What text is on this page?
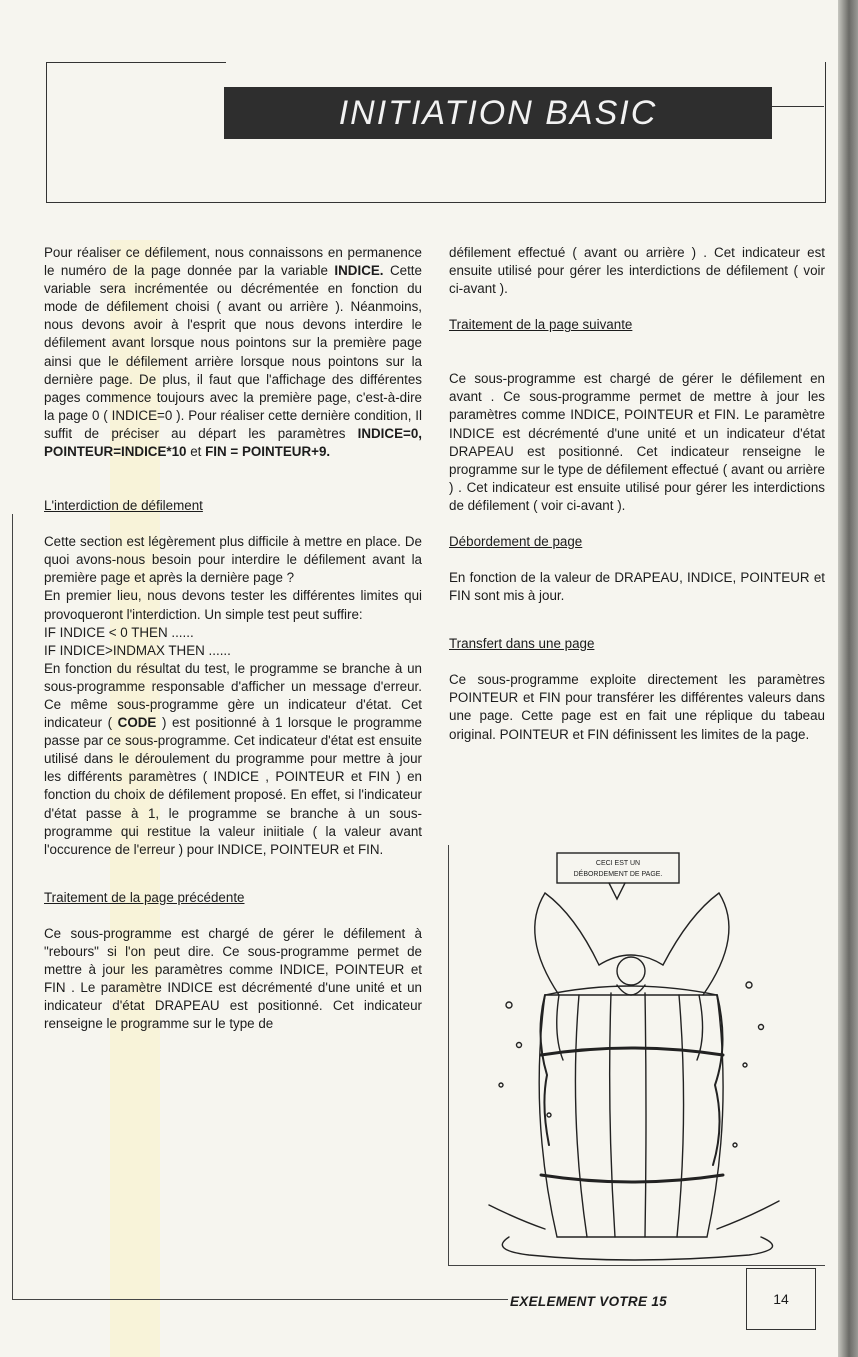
INITIATION BASIC

Pour réaliser ce défilement, nous connaissons en permanence le numéro de la page donnée par la variable INDICE. Cette variable sera incrémentée ou décrémentée en fonction du mode de défilement choisi ( avant ou arrière ). Néanmoins, nous devons avoir à l'esprit que nous devons interdire le défilement avant lorsque nous pointons sur la première page ainsi que le défilement arrière lorsque nous pointons sur la dernière page. De plus, il faut que l'affichage des différentes pages commence toujours avec la première page, c'est-à-dire la page 0 ( INDICE=0 ). Pour réaliser cette dernière condition, Il suffit de préciser au départ les paramètres INDICE=0, POINTEUR=INDICE*10 et FIN = POINTEUR+9.

L'interdiction de défilement

Cette section est légèrement plus difficile à mettre en place. De quoi avons-nous besoin pour interdire le défilement avant la première page et après la dernière page ?

En premier lieu, nous devons tester les différentes limites qui provoqueront l'interdiction. Un simple test peut suffire:

IF INDICE < 0 THEN ......

IF INDICE>INDMAX THEN ......

En fonction du résultat du test, le programme se branche à un sous-programme responsable d'afficher un message d'erreur. Ce même sous-programme gère un indicateur d'état. Cet indicateur ( CODE ) est positionné à 1 lorsque le programme passe par ce sous-programme. Cet indicateur d'état est ensuite utilisé dans le déroulement du programme pour mettre à jour les différents paramètres ( INDICE , POINTEUR et FIN ) en fonction du choix de défilement proposé. En effet, si l'indicateur d'état passe à 1, le programme se branche à un sous-programme qui restitue la valeur iniitiale ( la valeur avant l'occurence de l'erreur ) pour INDICE, POINTEUR et FIN.

Traitement de la page précédente

Ce sous-programme est chargé de gérer le défilement à "rebours" si l'on peut dire. Ce sous-programme permet de mettre à jour les paramètres comme INDICE, POINTEUR et FIN . Le paramètre INDICE est décrémenté d'une unité et un indicateur d'état DRAPEAU est positionné. Cet indicateur renseigne le programme sur le type de

défilement effectué ( avant ou arrière ) . Cet indicateur est ensuite utilisé pour gérer les interdictions de défilement ( voir ci-avant ).

Traitement de la page suivante

Ce sous-programme est chargé de gérer le défilement en avant . Ce sous-programme permet de mettre à jour les paramètres comme INDICE, POINTEUR et FIN. Le paramètre INDICE est décrémenté d'une unité et un indicateur d'état DRAPEAU est positionné. Cet indicateur renseigne le programme sur le type de défilement effectué ( avant ou arrière ) . Cet indicateur est ensuite utilisé pour gérer les interdictions de défilement ( voir ci-avant ).

Débordement de page

En fonction de la valeur de DRAPEAU, INDICE, POINTEUR et FIN sont mis à jour.

Transfert dans une page

Ce sous-programme exploite directement les paramètres POINTEUR et FIN pour transférer les différentes valeurs dans une page. Cette page est en fait une réplique du tabeau original. POINTEUR et FIN définissent les limites de la page.

CECI EST UN
DÉBORDEMENT DE PAGE.
EXELEMENT VOTRE 15	14
